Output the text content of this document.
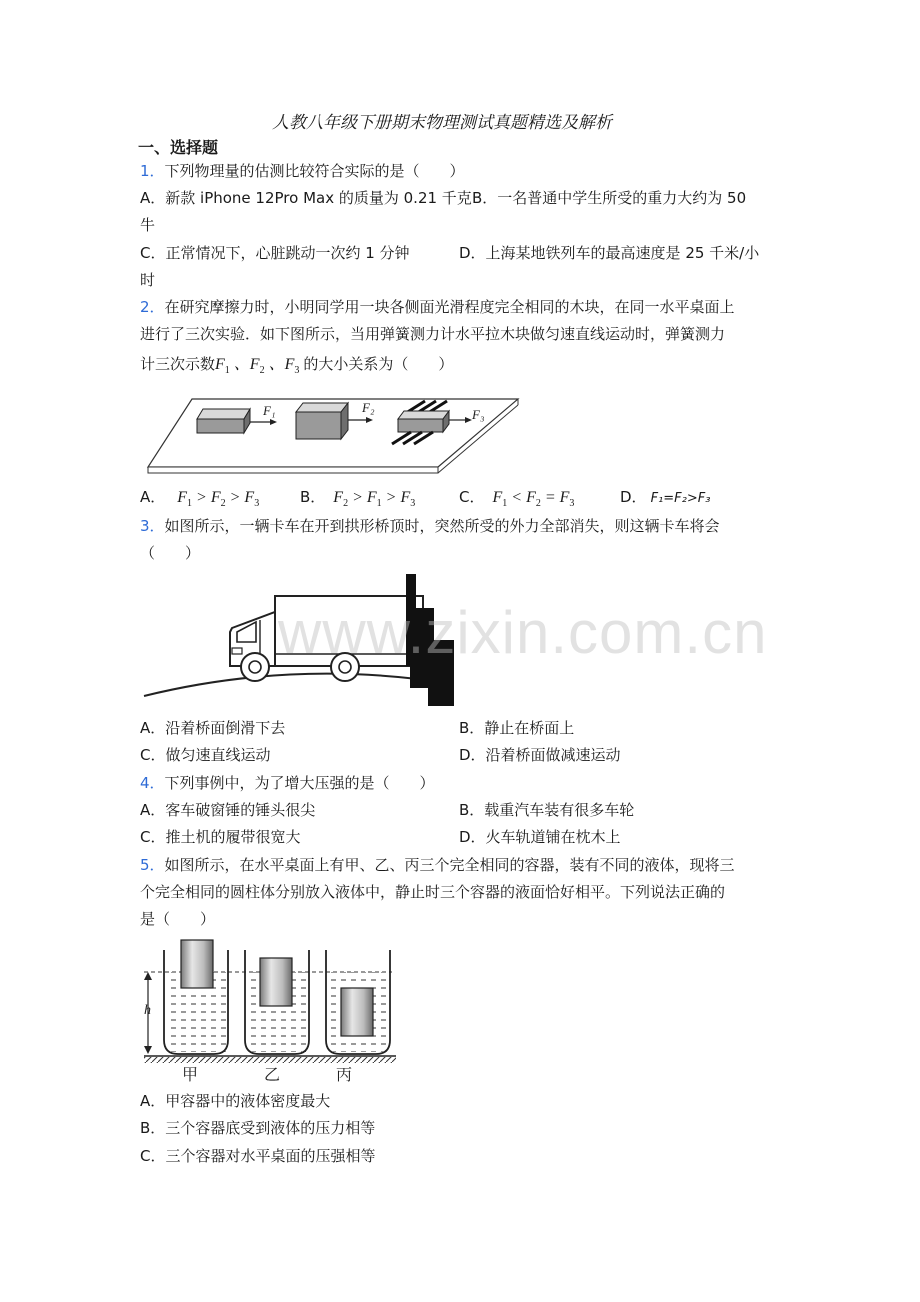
人教八年级下册期末物理测试真题精选及解析
一、选择题
1．下列物理量的估测比较符合实际的是（　　）
A．新款 iPhone 12Pro Max 的质量为 0.21 千克 B．一名普通中学生所受的重力大约为 50
牛
C．正常情况下，心脏跳动一次约 1 分钟	D．上海某地铁列车的最高速度是 25 千米/小
时
2．在研究摩擦力时，小明同学用一块各侧面光滑程度完全相同的木块，在同一水平桌面上
进行了三次实验．如下图所示，当用弹簧测力计水平拉木块做匀速直线运动时，弹簧测力
计三次示数$F_1$ 、$F_2$ 、$F_3$ 的大小关系为（　　）
F₁	F₂	F₃
A． $F_1 > F_2 > F_3$	B． $F_2 > F_1 > F_3$	C． $F_1 < F_2 = F_3$	D． F₁=F₂>F₃
3．如图所示，一辆卡车在开到拱形桥顶时，突然所受的外力全部消失，则这辆卡车将会
（　　）
www.zixin.com.cn
A．沿着桥面倒滑下去	B．静止在桥面上
C．做匀速直线运动	D．沿着桥面做减速运动
4．下列事例中，为了增大压强的是（　　）
A．客车破窗锤的锤头很尖	B．载重汽车装有很多车轮
C．推土机的履带很宽大	D．火车轨道铺在枕木上
5．如图所示，在水平桌面上有甲、乙、丙三个完全相同的容器，装有不同的液体，现将三
个完全相同的圆柱体分别放入液体中，静止时三个容器的液面恰好相平。下列说法正确的
是（　　）
h
甲	乙	丙
A．甲容器中的液体密度最大
B．三个容器底受到液体的压力相等
C．三个容器对水平桌面的压强相等
